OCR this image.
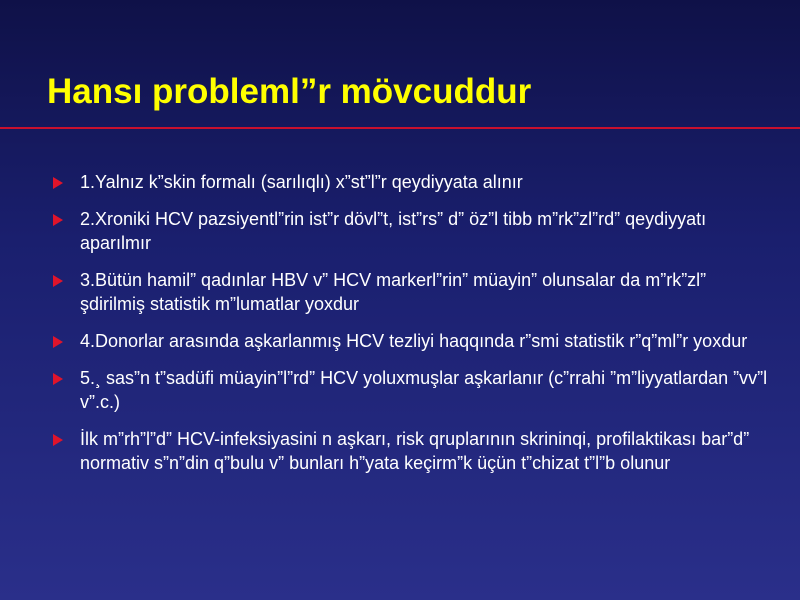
Hansı probleml”r mövcuddur
1.Yalnız k”skin formalı (sarılıqlı) x”st”l”r qeydiyyata alınır
2.Xroniki HCV pazsiyentl”rin ist”r dövl”t, ist”rs” d” öz”l tibb m”rk”zl”rd” qeydiyyatı aparılmır
3.Bütün hamil” qadınlar HBV v” HCV markerl”rin” müayin” olunsalar da m”rk”zl” şdirilmiş statistik m”lumatlar yoxdur
4.Donorlar arasında aşkarlanmış HCV tezliyi haqqında r”smi statistik r”q”ml”r yoxdur
5.¸ sas”n t”sadüfi müayin”l”rd” HCV yoluxmuşlar aşkarlanır (c”rrahi ”m”liyyatlardan ”vv”l v”.c.)
İlk m”rh”l”d” HCV-infeksiyasini n aşkarı, risk qruplarının skrininqi, profilaktikası bar”d” normativ s”n”din q”bulu v” bunları h”yata keçirm”k üçün t”chizat t”l”b olunur
